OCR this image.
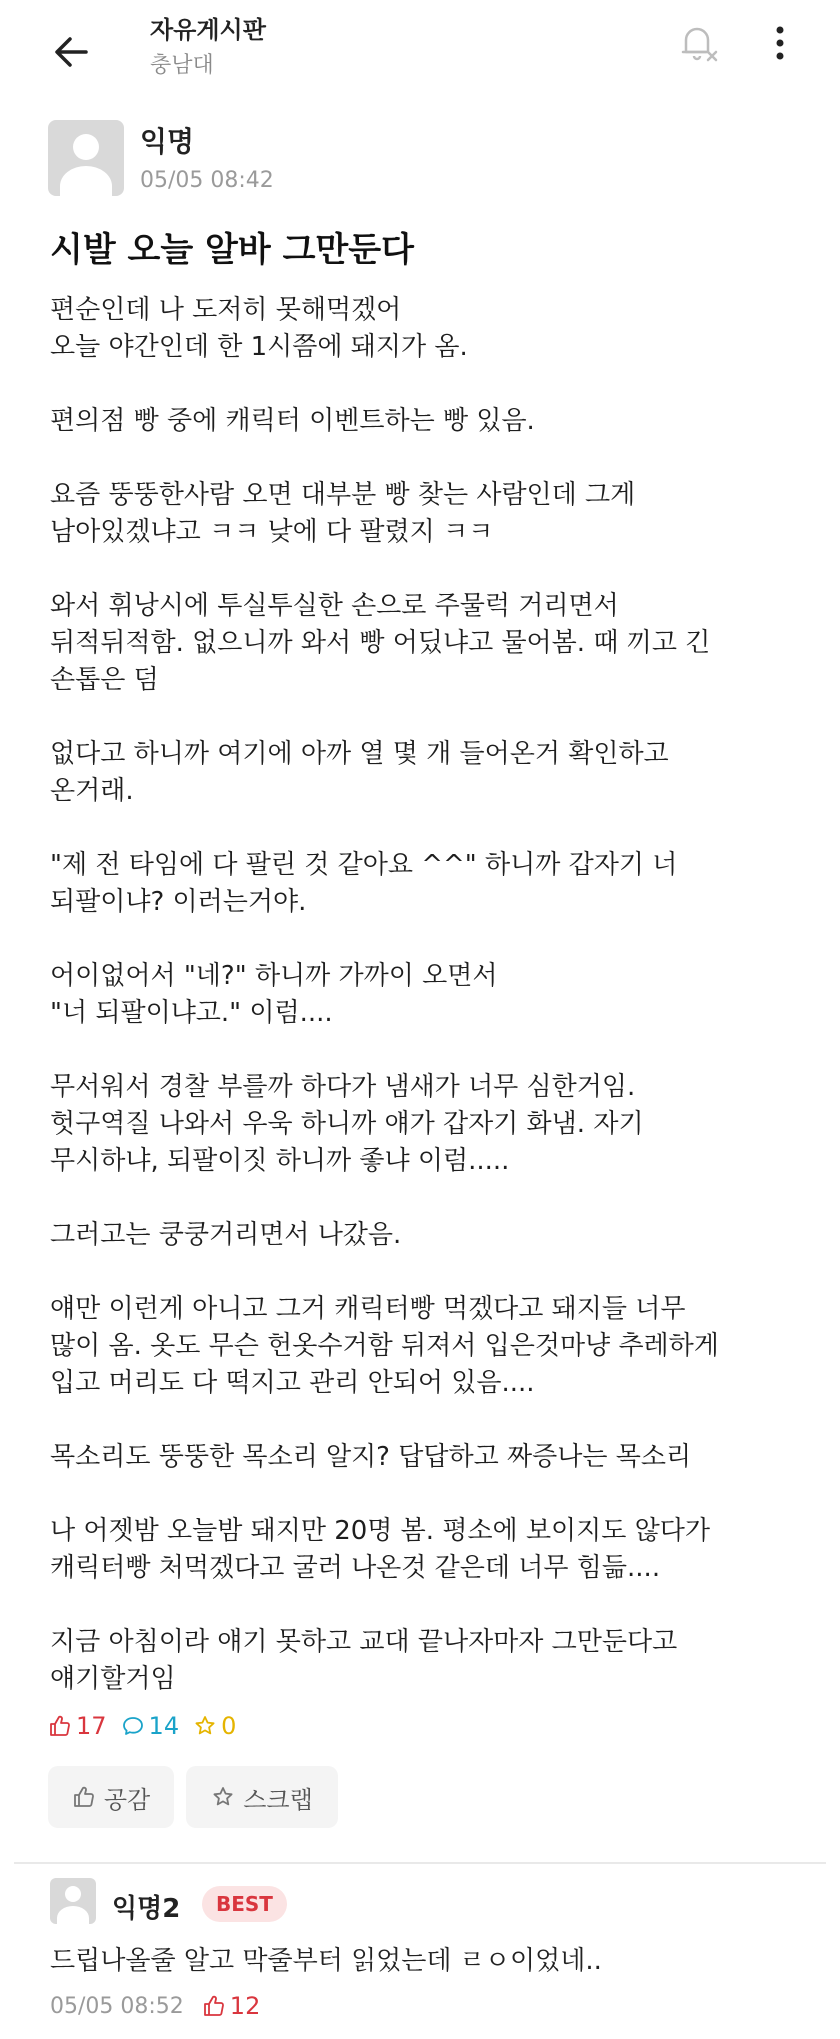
자유게시판
충남대
익명
05/05 08:42
시발 오늘 알바 그만둔다

편순인데 나 도저히 못해먹겠어
오늘 야간인데 한 1시쯤에 돼지가 옴.

편의점 빵 중에 캐릭터 이벤트하는 빵 있음.

요즘 뚱뚱한사람 오면 대부분 빵 찾는 사람인데 그게
남아있겠냐고 ㅋㅋ 낮에 다 팔렸지 ㅋㅋ

와서 휘낭시에 투실투실한 손으로 주물럭 거리면서
뒤적뒤적함. 없으니까 와서 빵 어딨냐고 물어봄. 때 끼고 긴
손톱은 덤

없다고 하니까 여기에 아까 열 몇 개 들어온거 확인하고
온거래.

"제 전 타임에 다 팔린 것 같아요 ^^" 하니까 갑자기 너
되팔이냐? 이러는거야.

어이없어서 "네?" 하니까 가까이 오면서
"너 되팔이냐고." 이럼....

무서워서 경찰 부를까 하다가 냄새가 너무 심한거임.
헛구역질 나와서 우욱 하니까 얘가 갑자기 화냄. 자기
무시하냐, 되팔이짓 하니까 좋냐 이럼.....

그러고는 쿵쿵거리면서 나갔음.

얘만 이런게 아니고 그거 캐릭터빵 먹겠다고 돼지들 너무
많이 옴. 옷도 무슨 헌옷수거함 뒤져서 입은것마냥 추레하게
입고 머리도 다 떡지고 관리 안되어 있음....

목소리도 뚱뚱한 목소리 알지? 답답하고 짜증나는 목소리

나 어젯밤 오늘밤 돼지만 20명 봄. 평소에 보이지도 않다가
캐릭터빵 처먹겠다고 굴러 나온것 같은데 너무 힘듦....

지금 아침이라 얘기 못하고 교대 끝나자마자 그만둔다고
얘기할거임

17 14 0
공감	스크랩
익명2	BEST
드립나올줄 알고 막줄부터 읽었는데 ㄹㅇ이었네..
05/05 08:52 12
